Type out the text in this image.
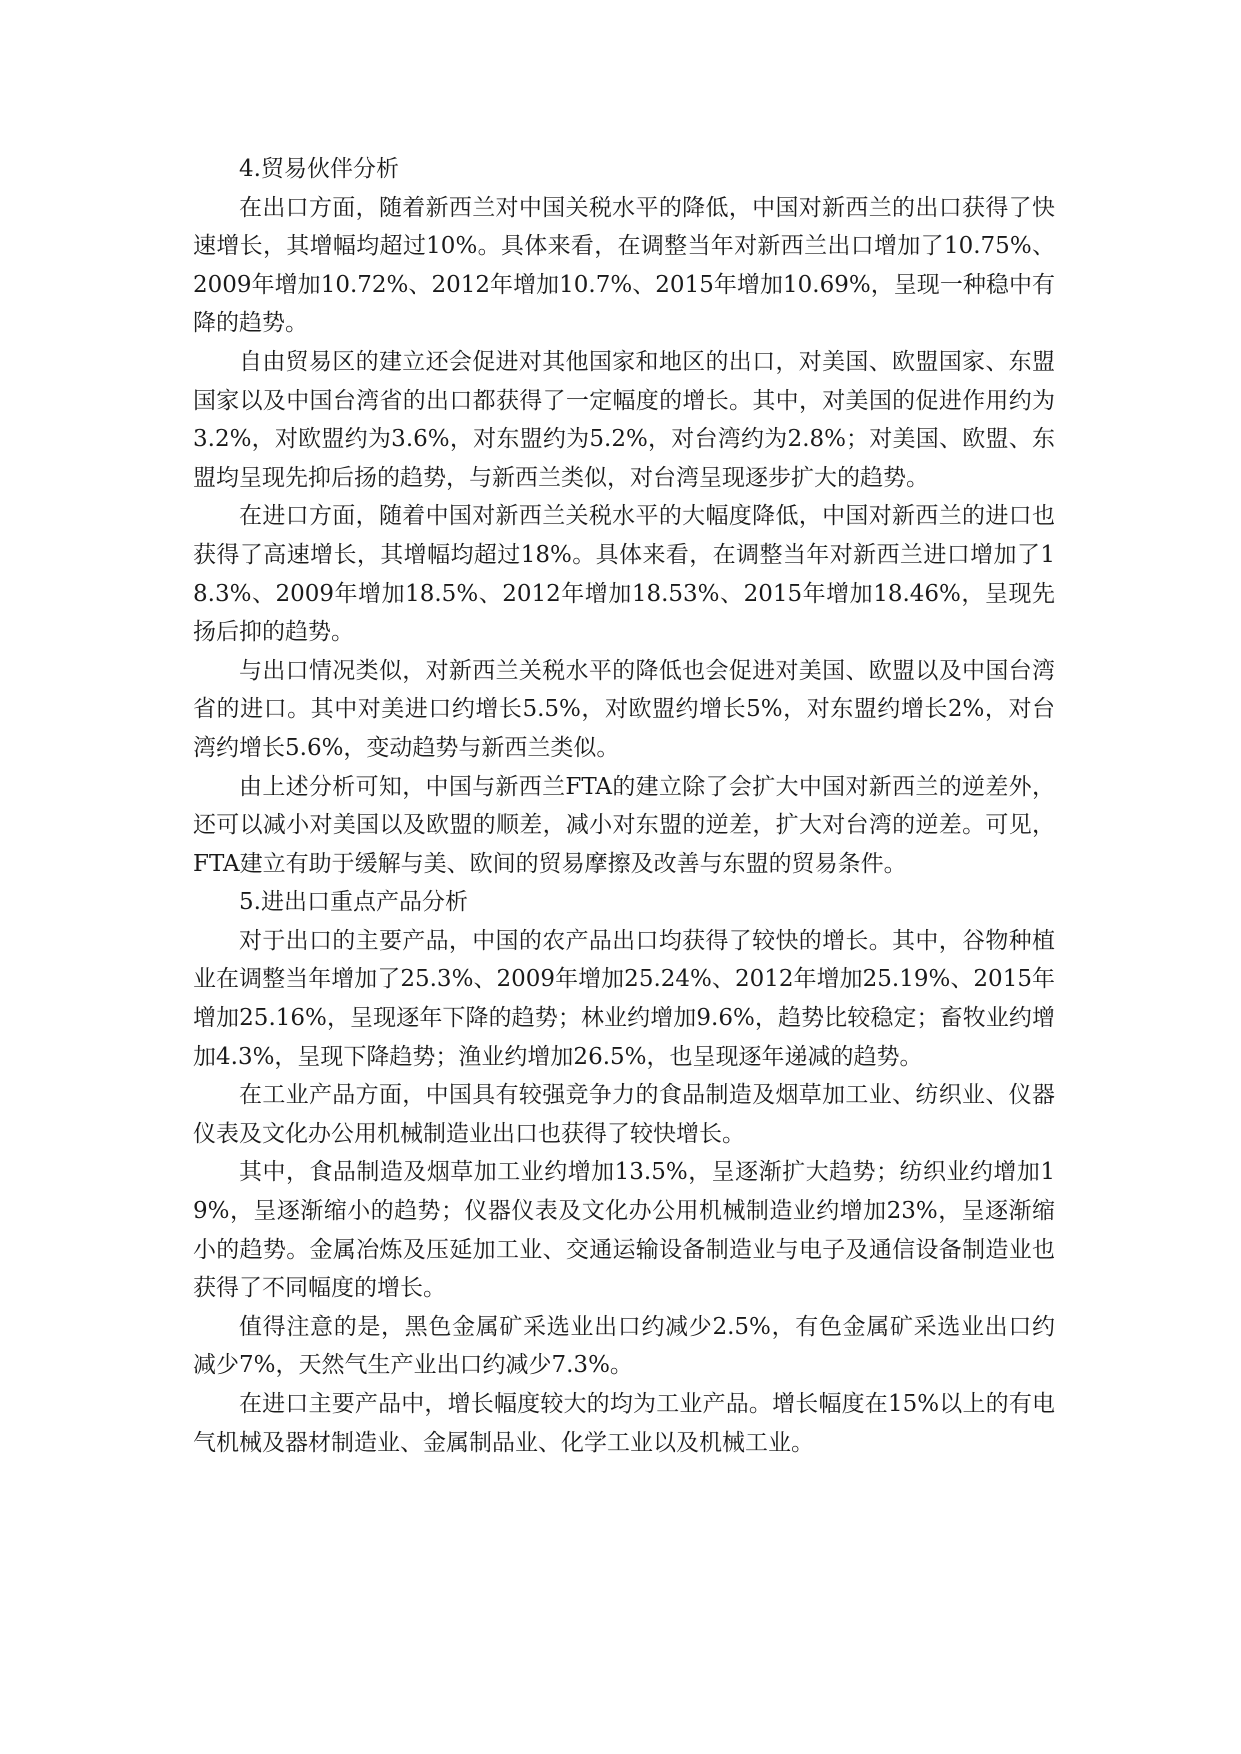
4.贸易伙伴分析

在出口方面，随着新西兰对中国关税水平的降低，中国对新西兰的出口获得了快速增长，其增幅均超过10%。具体来看，在调整当年对新西兰出口增加了10.75%、2009年增加10.72%、2012年增加10.7%、2015年增加10.69%，呈现一种稳中有降的趋势。

自由贸易区的建立还会促进对其他国家和地区的出口，对美国、欧盟国家、东盟国家以及中国台湾省的出口都获得了一定幅度的增长。其中，对美国的促进作用约为3.2%，对欧盟约为3.6%，对东盟约为5.2%，对台湾约为2.8%；对美国、欧盟、东盟均呈现先抑后扬的趋势，与新西兰类似，对台湾呈现逐步扩大的趋势。

在进口方面，随着中国对新西兰关税水平的大幅度降低，中国对新西兰的进口也获得了高速增长，其增幅均超过18%。具体来看，在调整当年对新西兰进口增加了18.3%、2009年增加18.5%、2012年增加18.53%、2015年增加18.46%，呈现先扬后抑的趋势。

与出口情况类似，对新西兰关税水平的降低也会促进对美国、欧盟以及中国台湾省的进口。其中对美进口约增长5.5%，对欧盟约增长5%，对东盟约增长2%，对台湾约增长5.6%，变动趋势与新西兰类似。

由上述分析可知，中国与新西兰FTA的建立除了会扩大中国对新西兰的逆差外，还可以减小对美国以及欧盟的顺差，减小对东盟的逆差，扩大对台湾的逆差。可见，FTA建立有助于缓解与美、欧间的贸易摩擦及改善与东盟的贸易条件。

5.进出口重点产品分析

对于出口的主要产品，中国的农产品出口均获得了较快的增长。其中，谷物种植业在调整当年增加了25.3%、2009年增加25.24%、2012年增加25.19%、2015年增加25.16%，呈现逐年下降的趋势；林业约增加9.6%，趋势比较稳定；畜牧业约增加4.3%，呈现下降趋势；渔业约增加26.5%，也呈现逐年递减的趋势。

在工业产品方面，中国具有较强竞争力的食品制造及烟草加工业、纺织业、仪器仪表及文化办公用机械制造业出口也获得了较快增长。

其中，食品制造及烟草加工业约增加13.5%，呈逐渐扩大趋势；纺织业约增加19%，呈逐渐缩小的趋势；仪器仪表及文化办公用机械制造业约增加23%，呈逐渐缩小的趋势。金属冶炼及压延加工业、交通运输设备制造业与电子及通信设备制造业也获得了不同幅度的增长。

值得注意的是，黑色金属矿采选业出口约减少2.5%，有色金属矿采选业出口约减少7%，天然气生产业出口约减少7.3%。

在进口主要产品中，增长幅度较大的均为工业产品。增长幅度在15%以上的有电气机械及器材制造业、金属制品业、化学工业以及机械工业。
